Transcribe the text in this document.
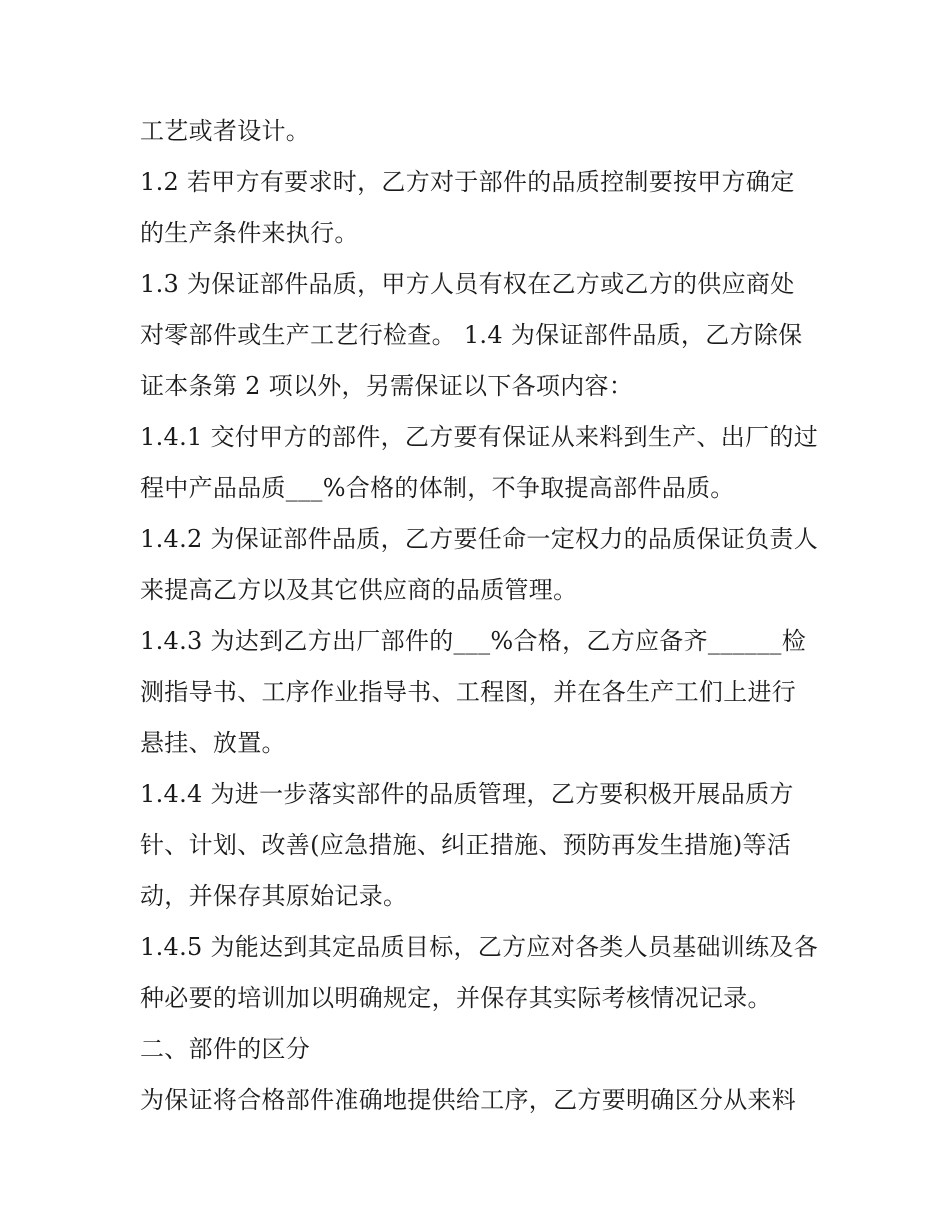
工艺或者设计。
1.2 若甲方有要求时，乙方对于部件的品质控制要按甲方确定
的生产条件来执行。
1.3 为保证部件品质，甲方人员有权在乙方或乙方的供应商处
对零部件或生产工艺行检查。 1.4 为保证部件品质，乙方除保
证本条第 2 项以外，另需保证以下各项内容：
1.4.1 交付甲方的部件，乙方要有保证从来料到生产、出厂的过
程中产品品质___%合格的体制，不争取提高部件品质。
1.4.2 为保证部件品质，乙方要任命一定权力的品质保证负责人
来提高乙方以及其它供应商的品质管理。
1.4.3 为达到乙方出厂部件的___%合格，乙方应备齐______检
测指导书、工序作业指导书、工程图，并在各生产工们上进行
悬挂、放置。
1.4.4 为进一步落实部件的品质管理，乙方要积极开展品质方
针、计划、改善(应急措施、纠正措施、预防再发生措施)等活
动，并保存其原始记录。
1.4.5 为能达到其定品质目标，乙方应对各类人员基础训练及各
种必要的培训加以明确规定，并保存其实际考核情况记录。
二、部件的区分
为保证将合格部件准确地提供给工序，乙方要明确区分从来料
